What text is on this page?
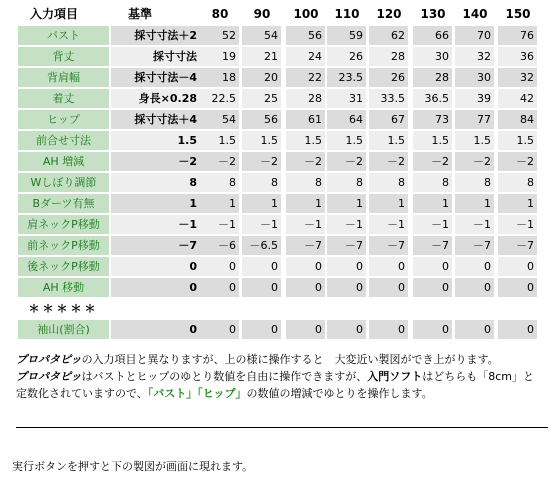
入力項目	基準	80	90	100	110	120	130	140	150
バスト	採寸寸法＋2	52	54	56	59	62	66	70	76
背丈	採寸寸法	19	21	24	26	28	30	32	36
背肩幅	採寸寸法－4	18	20	22	23.5	26	28	30	32
着丈	身長×0.28	22.5	25	28	31	33.5	36.5	39	42
ヒップ	採寸寸法＋4	54	56	61	64	67	73	77	84
前合せ寸法	1.5	1.5	1.5	1.5	1.5	1.5	1.5	1.5	1.5
AH 増減	－2	－2	－2	－2	－2	－2	－2	－2	－2
Wしぼり調節	8	8	8	8	8	8	8	8	8
Bダーツ有無	1	1	1	1	1	1	1	1	1
肩ネックP移動	－1	－1	－1	－1	－1	－1	－1	－1	－1
前ネックP移動	－7	－6	－6.5	－7	－7	－7	－7	－7	－7
後ネックP移動	0	0	0	0	0	0	0	0	0
AH 移動	0	0	0	0	0	0	0	0	0
＊＊＊＊＊
袖山(割合)	0	0	0	0	0	0	0	0	0
プロパタピッの入力項目と異なりますが、上の様に操作すると　大変近い製図ができ上がります。
プロパタピッはバストとヒップのゆとり数値を自由に操作できますが、入門ソフトはどちらも「8cm」と
定数化されていますので、「バスト」「ヒップ」の数値の増減でゆとりを操作します。
実行ボタンを押すと下の製図が画面に現れます。
